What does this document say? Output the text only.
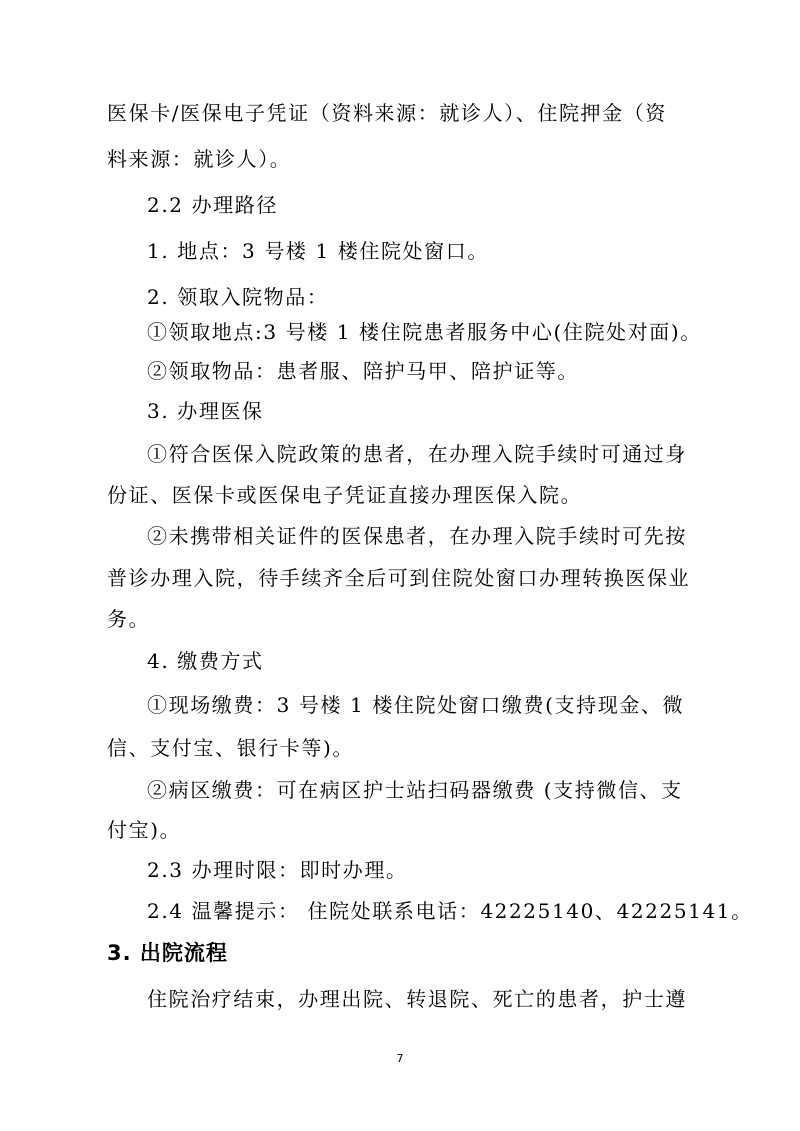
医保卡/医保电子凭证（资料来源：就诊人）、住院押金（资
料来源：就诊人）。
2.2 办理路径
1. 地点：3 号楼 1 楼住院处窗口。
2. 领取入院物品：
①领取地点:3 号楼 1 楼住院患者服务中心(住院处对面)。
②领取物品：患者服、陪护马甲、陪护证等。
3. 办理医保
①符合医保入院政策的患者，在办理入院手续时可通过身
份证、医保卡或医保电子凭证直接办理医保入院。
②未携带相关证件的医保患者，在办理入院手续时可先按
普诊办理入院，待手续齐全后可到住院处窗口办理转换医保业
务。
4. 缴费方式
①现场缴费：3 号楼 1 楼住院处窗口缴费(支持现金、微
信、支付宝、银行卡等)。
②病区缴费：可在病区护士站扫码器缴费 (支持微信、支
付宝)。
2.3 办理时限：即时办理。
2.4 温馨提示： 住院处联系电话：42225140、42225141。
3. 出院流程
住院治疗结束，办理出院、转退院、死亡的患者，护士遵
7
